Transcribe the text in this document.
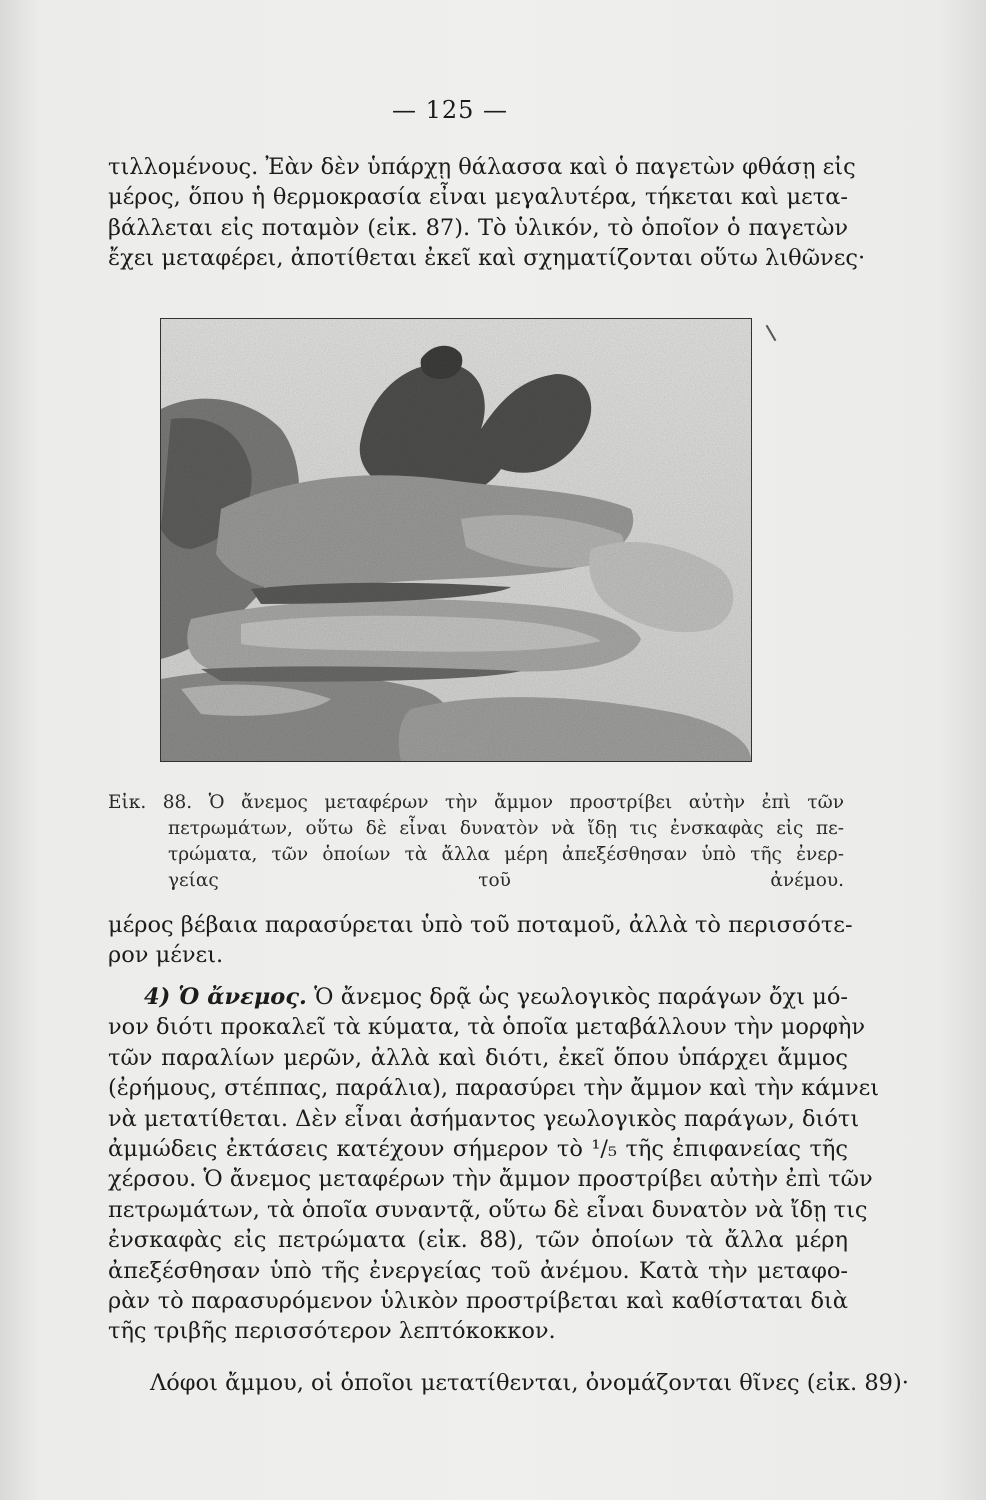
— 125 —
τιλλομένους. Ἐὰν δὲν ὑπάρχῃ θάλασσα καὶ ὁ παγετὼν φθάσῃ εἰς
μέρος, ὅπου ἡ θερμοκρασία εἶναι μεγαλυτέρα, τήκεται καὶ μετα-
βάλλεται εἰς ποταμὸν (εἰκ. 87). Τὸ ὑλικόν, τὸ ὁποῖον ὁ παγετὼν
ἔχει μεταφέρει, ἀποτίθεται ἐκεῖ καὶ σχηματίζονται οὕτω λιθῶνες·
Εἰκ. 88. Ὁ ἄνεμος μεταφέρων τὴν ἄμμον προστρίβει αὐτὴν ἐπὶ τῶν
πετρωμάτων, οὕτω δὲ εἶναι δυνατὸν νὰ ἴδῃ τις ἐνσκαφὰς εἰς πε-
τρώματα, τῶν ὁποίων τὰ ἄλλα μέρη ἀπεξέσθησαν ὑπὸ τῆς ἐνερ-
γείας τοῦ ἀνέμου.
μέρος βέβαια παρασύρεται ὑπὸ τοῦ ποταμοῦ, ἀλλὰ τὸ περισσότε-
ρον μένει.
4) Ὁ ἄνεμος. Ὁ ἄνεμος δρᾷ ὡς γεωλογικὸς παράγων ὄχι μό-
νον διότι προκαλεῖ τὰ κύματα, τὰ ὁποῖα μεταβάλλουν τὴν μορφὴν
τῶν παραλίων μερῶν, ἀλλὰ καὶ διότι, ἐκεῖ ὅπου ὑπάρχει ἄμμος
(ἐρήμους, στέππας, παράλια), παρασύρει τὴν ἄμμον καὶ τὴν κάμνει
νὰ μετατίθεται. Δὲν εἶναι ἀσήμαντος γεωλογικὸς παράγων, διότι
ἀμμώδεις ἐκτάσεις κατέχουν σήμερον τὸ ¹/₅ τῆς ἐπιφανείας τῆς
χέρσου. Ὁ ἄνεμος μεταφέρων τὴν ἄμμον προστρίβει αὐτὴν ἐπὶ τῶν
πετρωμάτων, τὰ ὁποῖα συναντᾷ, οὕτω δὲ εἶναι δυνατὸν νὰ ἴδῃ τις
ἐνσκαφὰς εἰς πετρώματα (εἰκ. 88), τῶν ὁποίων τὰ ἄλλα μέρη
ἀπεξέσθησαν ὑπὸ τῆς ἐνεργείας τοῦ ἀνέμου. Κατὰ τὴν μεταφο-
ρὰν τὸ παρασυρόμενον ὑλικὸν προστρίβεται καὶ καθίσταται διὰ
τῆς τριβῆς περισσότερον λεπτόκοκκον.
Λόφοι ἄμμου, οἱ ὁποῖοι μετατίθενται, ὀνομάζονται θῖνες (εἰκ. 89)·
